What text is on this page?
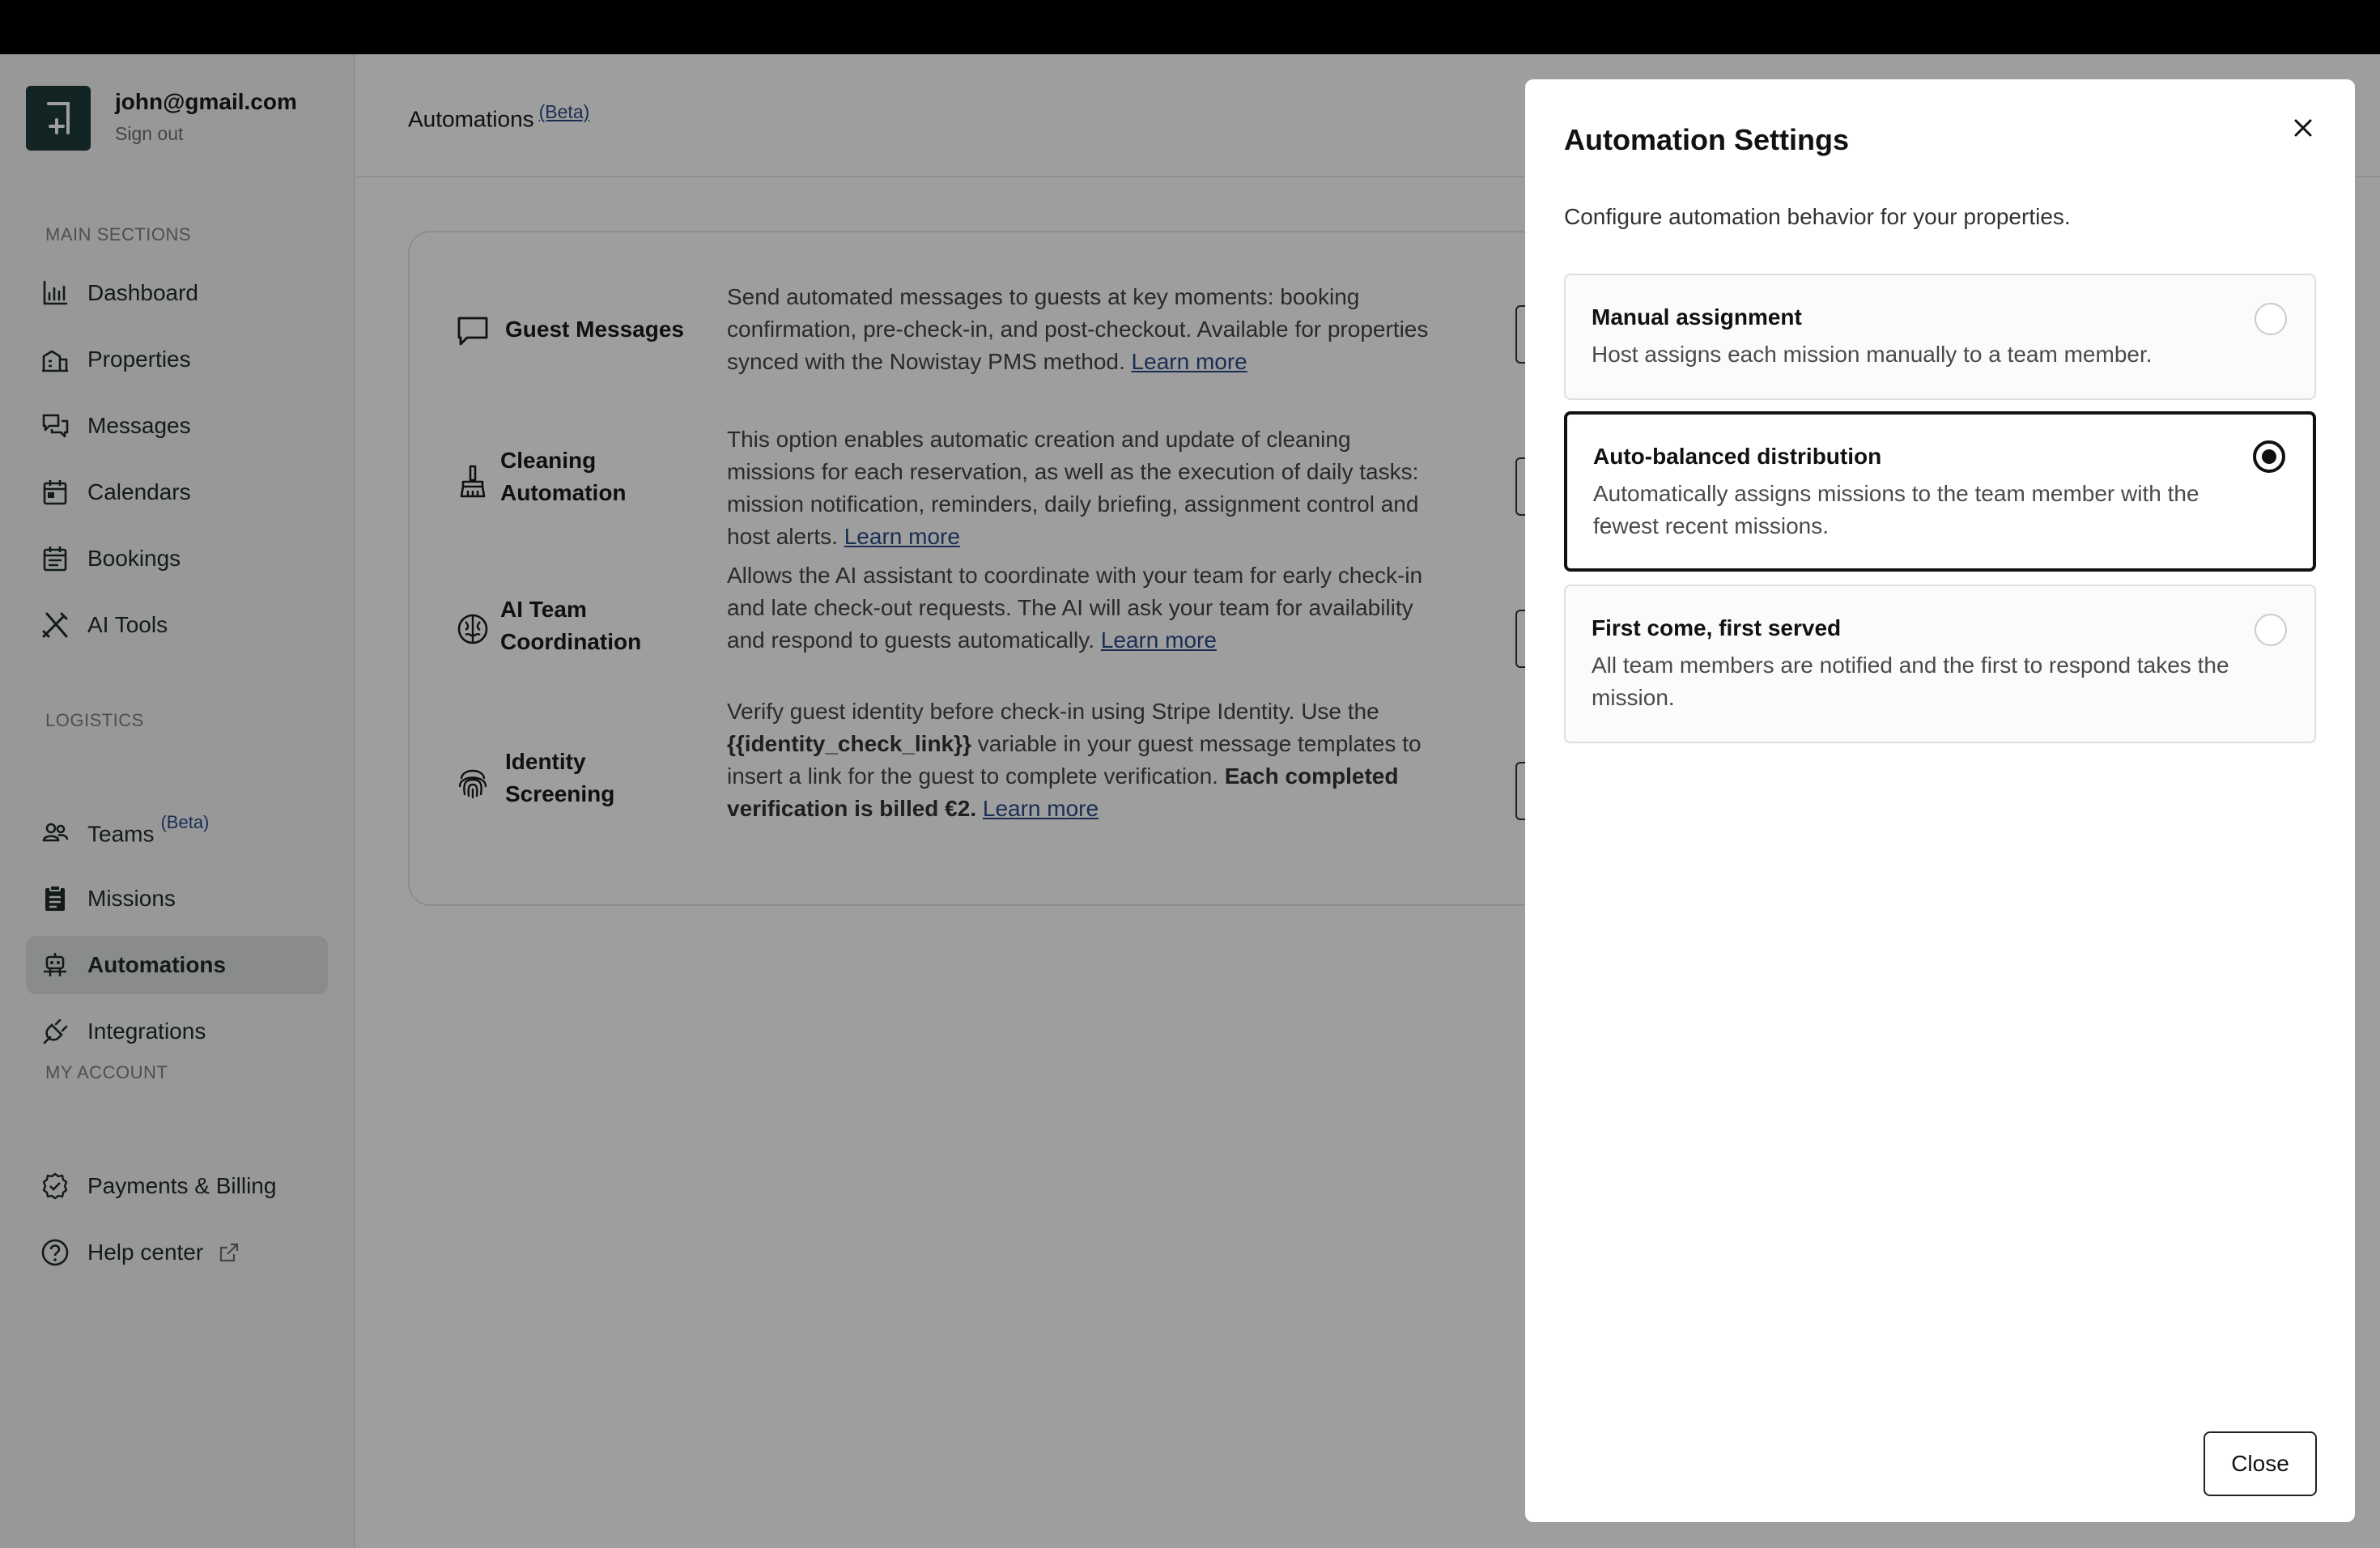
john@gmail.com
Sign out
MAIN SECTIONS
Dashboard
Properties
Messages
Calendars
Bookings
AI Tools
LOGISTICS
Teams $^{(Beta)}$
Missions
Automations
Integrations
MY ACCOUNT
Payments & Billing
Help center
Automations $^{(Beta)}$
Guest Messages
Send automated messages to guests at key moments: booking confirmation, pre-check-in, and post-checkout. Available for properties synced with the Nowistay PMS method. Learn more
Cleaning
Automation
This option enables automatic creation and update of cleaning missions for each reservation, as well as the execution of daily tasks: mission notification, reminders, daily briefing, assignment control and host alerts. Learn more
AI Team
Coordination
Allows the AI assistant to coordinate with your team for early check-in and late check-out requests. The AI will ask your team for availability and respond to guests automatically. Learn more
Identity
Screening
Verify guest identity before check-in using Stripe Identity. Use the {{identity_check_link}} variable in your guest message templates to insert a link for the guest to complete verification. Each completed verification is billed €2. Learn more
Automation Settings
Configure automation behavior for your properties.
Manual assignment
Host assigns each mission manually to a team member.
Auto-balanced distribution
Automatically assigns missions to the team member with the fewest recent missions.
First come, first served
All team members are notified and the first to respond takes the mission.
Close
